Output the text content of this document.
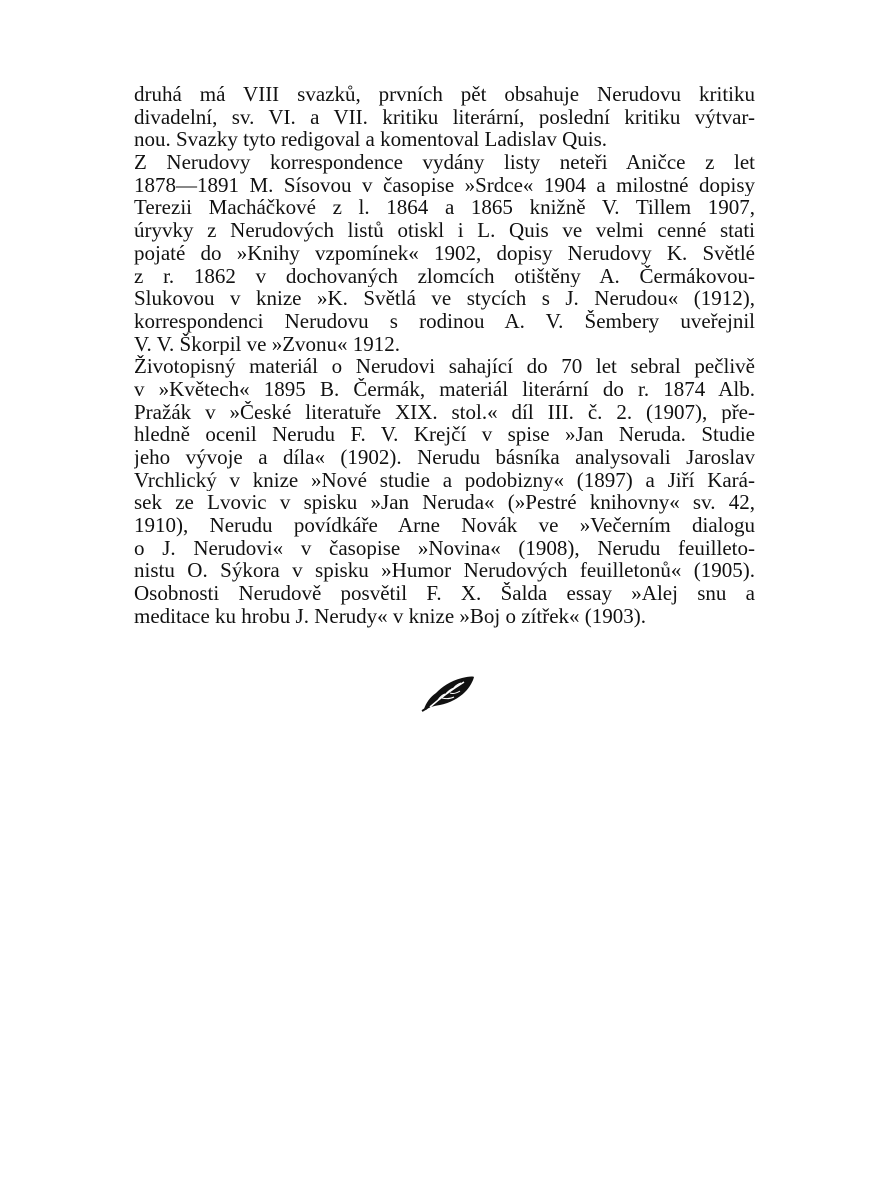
druhá má VIII svazků, prvních pět obsahuje Nerudovu kritiku
divadelní, sv. VI. a VII. kritiku literární, poslední kritiku výtvar-
nou. Svazky tyto redigoval a komentoval Ladislav Quis.
Z Nerudovy korrespondence vydány listy neteři Aničce z let
1878—1891 M. Sísovou v časopise »Srdce« 1904 a milostné dopisy
Terezii Macháčkové z l. 1864 a 1865 knižně V. Tillem 1907,
úryvky z Nerudových listů otiskl i L. Quis ve velmi cenné stati
pojaté do »Knihy vzpomínek« 1902, dopisy Nerudovy K. Světlé
z r. 1862 v dochovaných zlomcích otištěny A. Čermákovou-
Slukovou v knize »K. Světlá ve stycích s J. Nerudou« (1912),
korrespondenci Nerudovu s rodinou A. V. Šembery uveřejnil
V. V. Škorpil ve »Zvonu« 1912.
Životopisný materiál o Nerudovi sahající do 70 let sebral pečlivě
v »Květech« 1895 B. Čermák, materiál literární do r. 1874 Alb.
Pražák v »České literatuře XIX. stol.« díl III. č. 2. (1907), pře-
hledně ocenil Nerudu F. V. Krejčí v spise »Jan Neruda. Studie
jeho vývoje a díla« (1902). Nerudu básníka analysovali Jaroslav
Vrchlický v knize »Nové studie a podobizny« (1897) a Jiří Kará-
sek ze Lvovic v spisku »Jan Neruda« (»Pestré knihovny« sv. 42,
1910), Nerudu povídkáře Arne Novák ve »Večerním dialogu
o J. Nerudovi« v časopise »Novina« (1908), Nerudu feuilleto-
nistu O. Sýkora v spisku »Humor Nerudových feuilletonů« (1905).
Osobnosti Nerudově posvětil F. X. Šalda essay »Alej snu a
meditace ku hrobu J. Nerudy« v knize »Boj o zítřek« (1903).
